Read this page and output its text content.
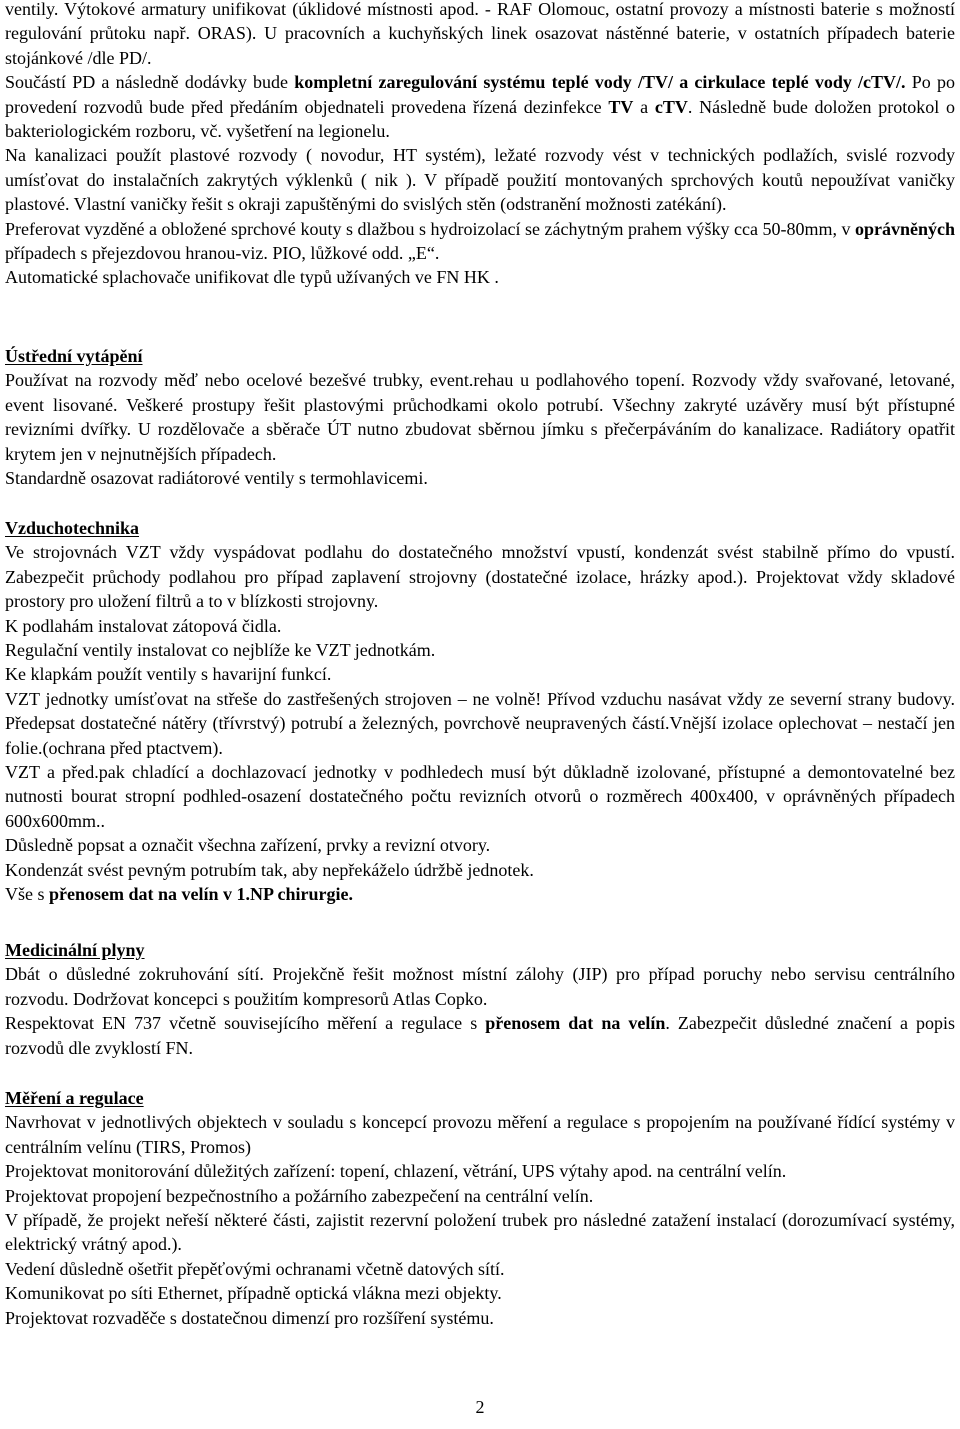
ventily. Výtokové armatury unifikovat (úklidové místnosti apod. - RAF Olomouc, ostatní provozy a místnosti baterie s možností regulování průtoku např. ORAS). U pracovních a kuchyňských linek osazovat nástěnné baterie, v ostatních případech baterie stojánkové /dle PD/.

Součástí PD a následně dodávky bude kompletní zaregulování systému teplé vody /TV/ a cirkulace teplé vody /cTV/. Po po provedení rozvodů bude před předáním objednateli provedena řízená dezinfekce TV a cTV. Následně bude doložen protokol o bakteriologickém rozboru, vč. vyšetření na legionelu.

Na kanalizaci použít plastové rozvody ( novodur, HT systém), ležaté rozvody vést v technických podlažích, svislé rozvody umísťovat do instalačních zakrytých výklenků ( nik ). V případě použití montovaných sprchových koutů nepoužívat vaničky plastové. Vlastní vaničky řešit s okraji zapuštěnými do svislých stěn (odstranění možnosti zatékání).

Preferovat vyzděné a obložené sprchové kouty s dlažbou s hydroizolací se záchytným prahem výšky cca 50-80mm, v oprávněných případech s přejezdovou hranou-viz. PIO, lůžkové odd. „E“.

Automatické splachovače unifikovat dle typů užívaných ve FN HK .

Ústřední vytápění

Používat na rozvody měď nebo ocelové bezešvé trubky, event.rehau u podlahového topení. Rozvody vždy svařované, letované, event lisované. Veškeré prostupy řešit plastovými průchodkami okolo potrubí. Všechny zakryté uzávěry musí být přístupné revizními dvířky. U rozdělovače a sběrače ÚT nutno zbudovat sběrnou jímku s přečerpáváním do kanalizace. Radiátory opatřit krytem jen v nejnutnějších případech.

Standardně osazovat radiátorové ventily s termohlavicemi.

Vzduchotechnika

Ve strojovnách VZT vždy vyspádovat podlahu do dostatečného množství vpustí, kondenzát svést stabilně přímo do vpustí. Zabezpečit průchody podlahou pro případ zaplavení strojovny (dostatečné izolace, hrázky apod.). Projektovat vždy skladové prostory pro uložení filtrů a to v blízkosti strojovny.

K podlahám instalovat zátopová čidla.

Regulační ventily instalovat co nejblíže ke VZT jednotkám.

Ke klapkám použít ventily s havarijní funkcí.

VZT jednotky umísťovat na střeše do zastřešených strojoven – ne volně! Přívod vzduchu nasávat vždy ze severní strany budovy. Předepsat dostatečné nátěry (třívrstvý) potrubí a železných, povrchově neupravených částí.Vnější izolace oplechovat – nestačí jen folie.(ochrana před ptactvem).

VZT a před.pak chladící a dochlazovací jednotky v podhledech musí být důkladně izolované, přístupné a demontovatelné bez nutnosti bourat stropní podhled-osazení dostatečného počtu revizních otvorů o rozměrech 400x400, v oprávněných případech 600x600mm..

Důsledně popsat a označit všechna zařízení, prvky a revizní otvory.

Kondenzát svést pevným potrubím tak, aby nepřekáželo údržbě jednotek.

Vše s přenosem dat na velín v 1.NP chirurgie.

Medicinální plyny

Dbát o důsledné zokruhování sítí. Projekčně řešit možnost místní zálohy (JIP) pro případ poruchy nebo servisu centrálního rozvodu. Dodržovat koncepci s použitím kompresorů Atlas Copko.

Respektovat EN 737 včetně souvisejícího měření a regulace s přenosem dat na velín. Zabezpečit důsledné značení a popis rozvodů dle zvyklostí FN.

Měření a regulace

Navrhovat v jednotlivých objektech v souladu s koncepcí provozu měření a regulace s propojením na používané řídící systémy v centrálním velínu (TIRS, Promos)

Projektovat monitorování důležitých zařízení: topení, chlazení, větrání, UPS výtahy apod. na centrální velín.

Projektovat propojení bezpečnostního a požárního zabezpečení na centrální velín.

V případě, že projekt neřeší některé části, zajistit rezervní položení trubek pro následné zatažení instalací (dorozumívací systémy, elektrický vrátný apod.).

Vedení důsledně ošetřit přepěťovými ochranami včetně datových sítí.

Komunikovat po síti Ethernet, případně optická vlákna mezi objekty.

Projektovat rozvaděče s dostatečnou dimenzí pro rozšíření systému.

2
